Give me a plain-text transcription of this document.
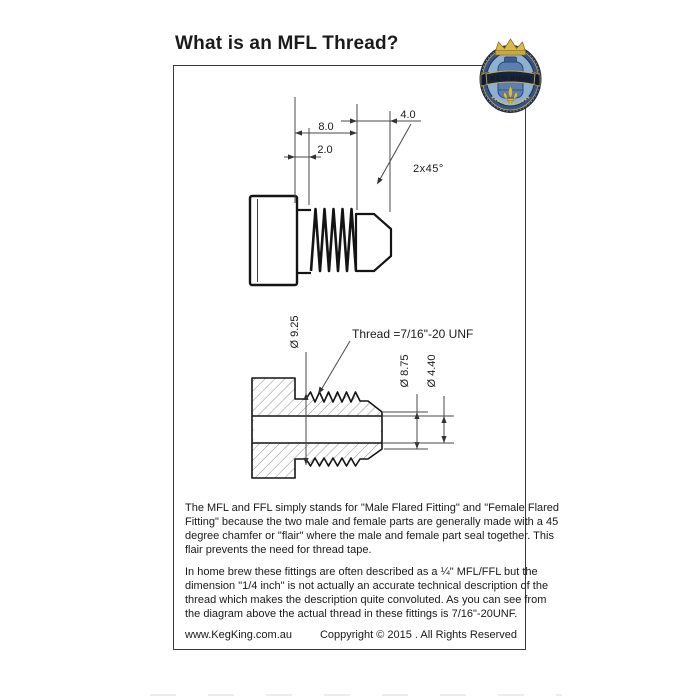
What is an MFL Thread?
8.0
2.0
4.0
2x45°
Ø 9.25	Thread =7/16"-20 UNF
Ø 8.75 Ø 4.40
KEG KING
The MFL and FFL simply stands for "Male Flared Fitting" and "Female Flared
Fitting" because the two male and female parts are generally made with a 45
degree chamfer or "flair" where the male and female part seal together. This
flair prevents the need for thread tape.
In home brew these fittings are often described as a ¼" MFL/FFL but the
dimension "1/4 inch" is not actually an accurate technical description of the
thread which makes the description quite convoluted. As you can see from
the diagram above the actual thread in these fittings is 7/16"-20UNF.
www.KegKing.com.au	Coppyright © 2015 . All Rights Reserved
